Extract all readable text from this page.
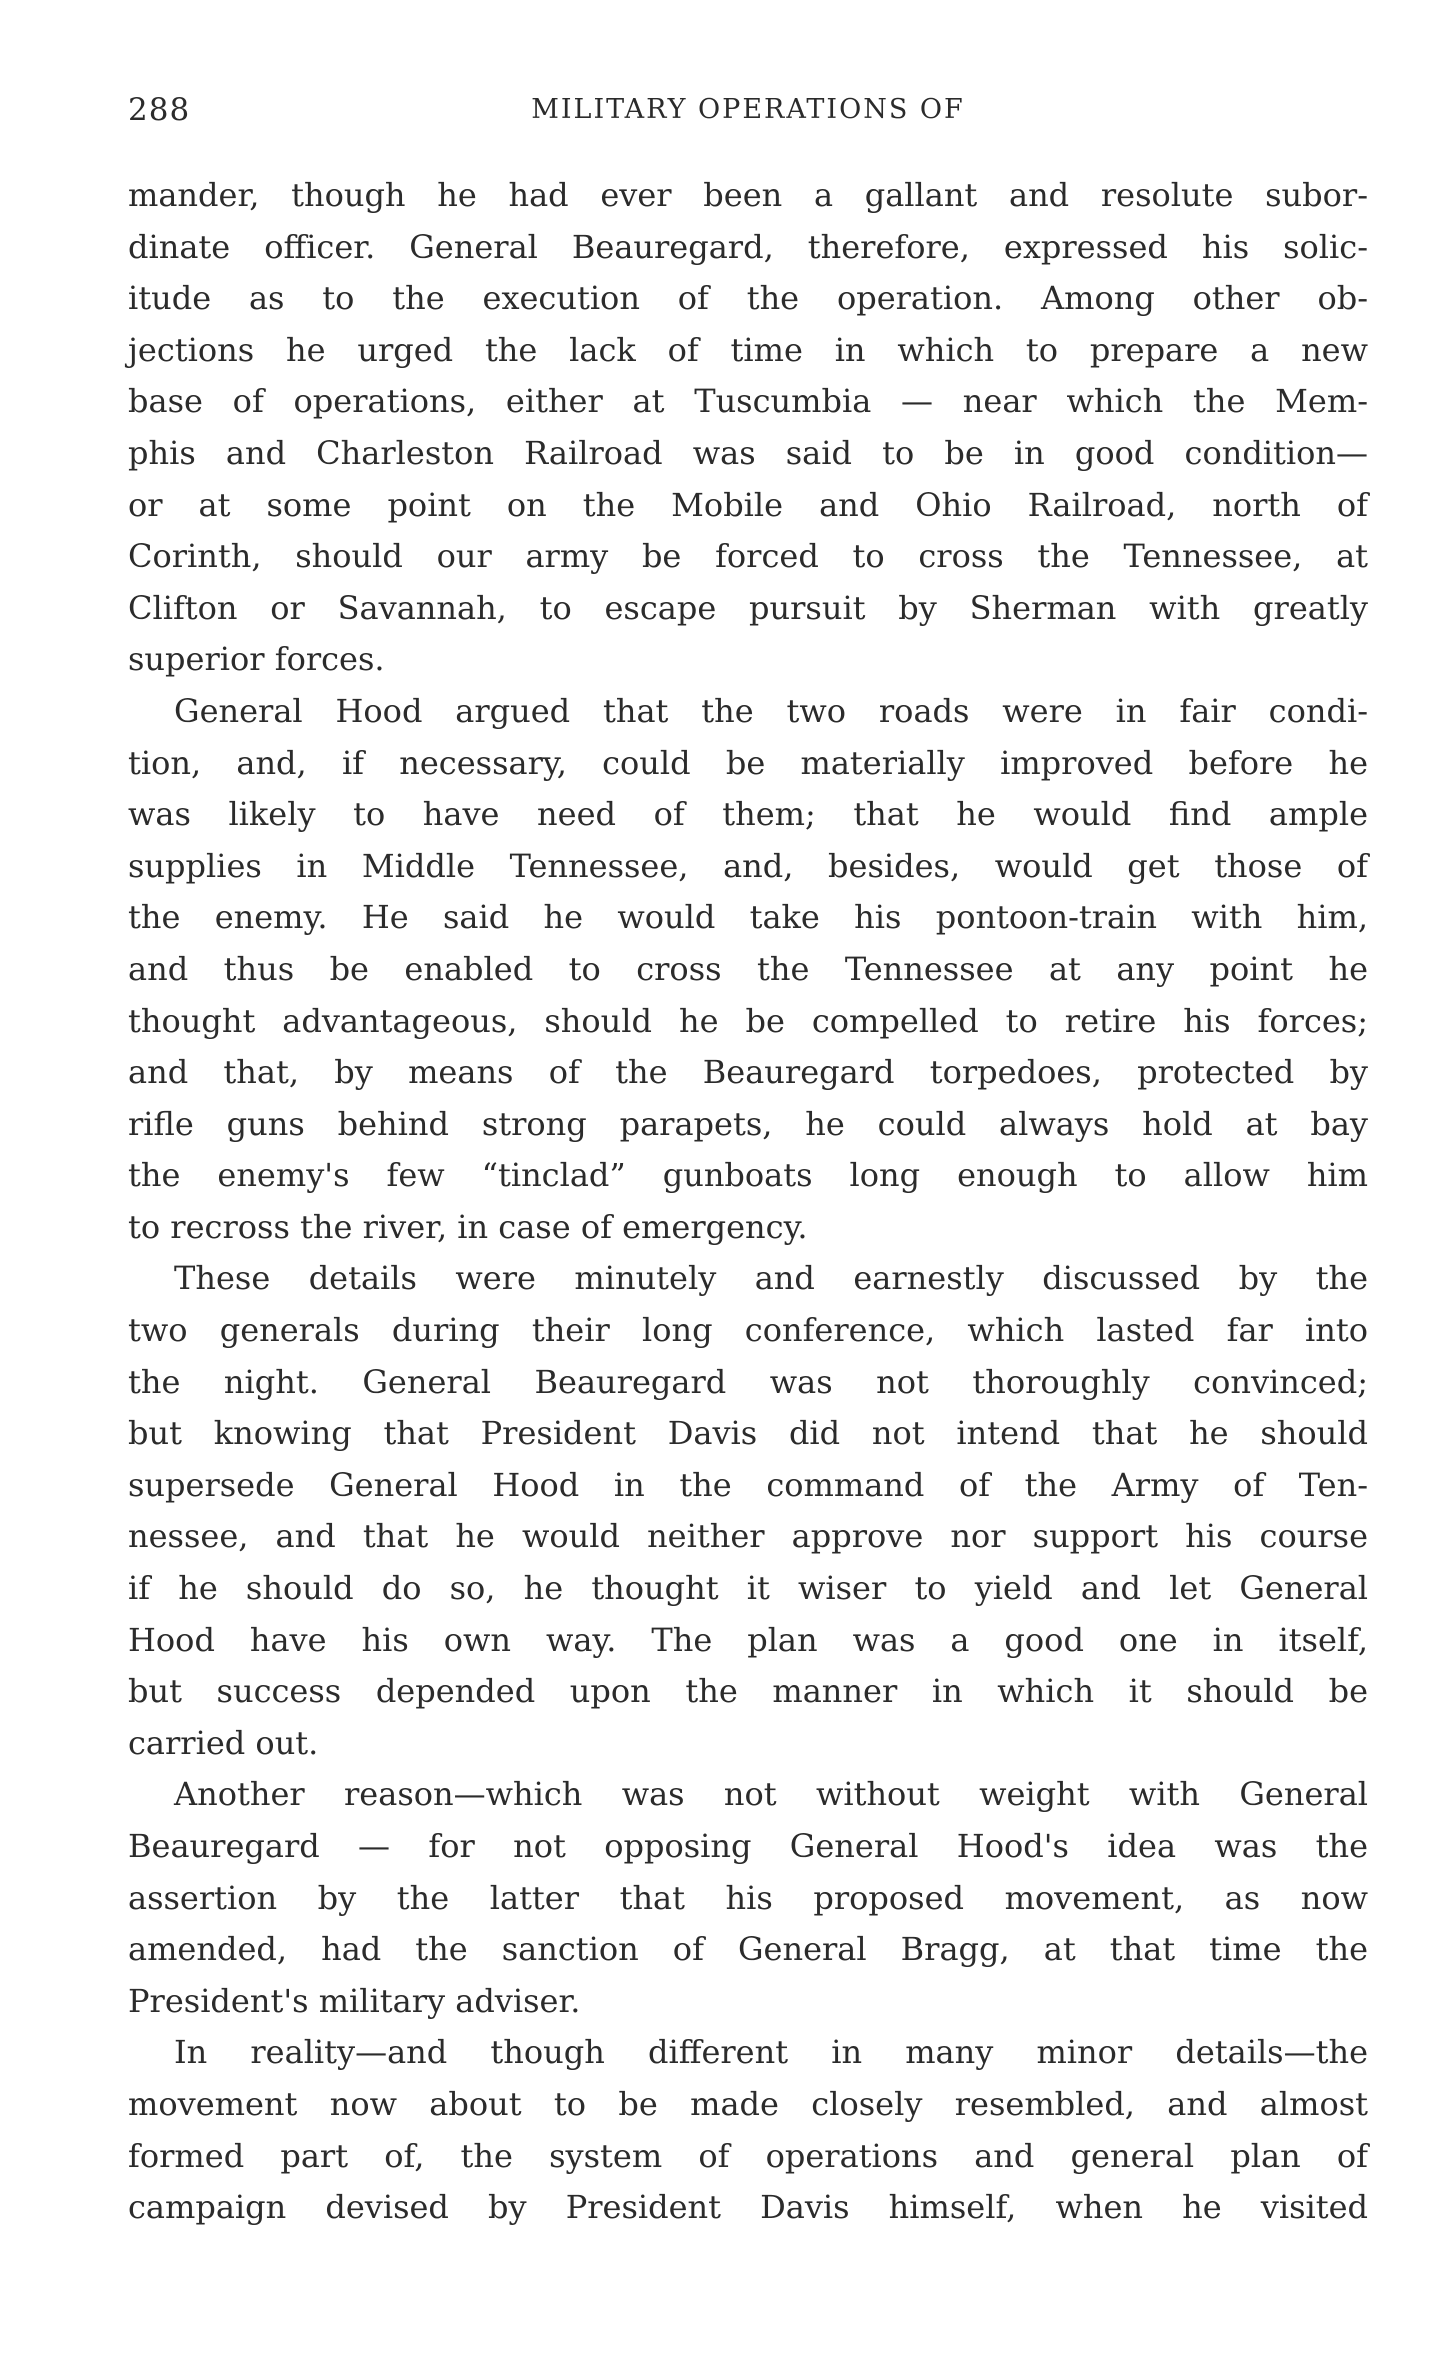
288	MILITARY OPERATIONS OF
mander, though he had ever been a gallant and resolute subor-
dinate officer. General Beauregard, therefore, expressed his solic-
itude as to the execution of the operation. Among other ob-
jections he urged the lack of time in which to prepare a new
base of operations, either at Tuscumbia — near which the Mem-
phis and Charleston Railroad was said to be in good condition—
or at some point on the Mobile and Ohio Railroad, north of
Corinth, should our army be forced to cross the Tennessee, at
Clifton or Savannah, to escape pursuit by Sherman with greatly
superior forces.
General Hood argued that the two roads were in fair condi-
tion, and, if necessary, could be materially improved before he
was likely to have need of them; that he would find ample
supplies in Middle Tennessee, and, besides, would get those of
the enemy. He said he would take his pontoon-train with him,
and thus be enabled to cross the Tennessee at any point he
thought advantageous, should he be compelled to retire his forces;
and that, by means of the Beauregard torpedoes, protected by
rifle guns behind strong parapets, he could always hold at bay
the enemy's few “tinclad” gunboats long enough to allow him
to recross the river, in case of emergency.
These details were minutely and earnestly discussed by the
two generals during their long conference, which lasted far into
the night. General Beauregard was not thoroughly convinced;
but knowing that President Davis did not intend that he should
supersede General Hood in the command of the Army of Ten-
nessee, and that he would neither approve nor support his course
if he should do so, he thought it wiser to yield and let General
Hood have his own way. The plan was a good one in itself,
but success depended upon the manner in which it should be
carried out.
Another reason—which was not without weight with General
Beauregard — for not opposing General Hood's idea was the
assertion by the latter that his proposed movement, as now
amended, had the sanction of General Bragg, at that time the
President's military adviser.
In reality—and though different in many minor details—the
movement now about to be made closely resembled, and almost
formed part of, the system of operations and general plan of
campaign devised by President Davis himself, when he visited
